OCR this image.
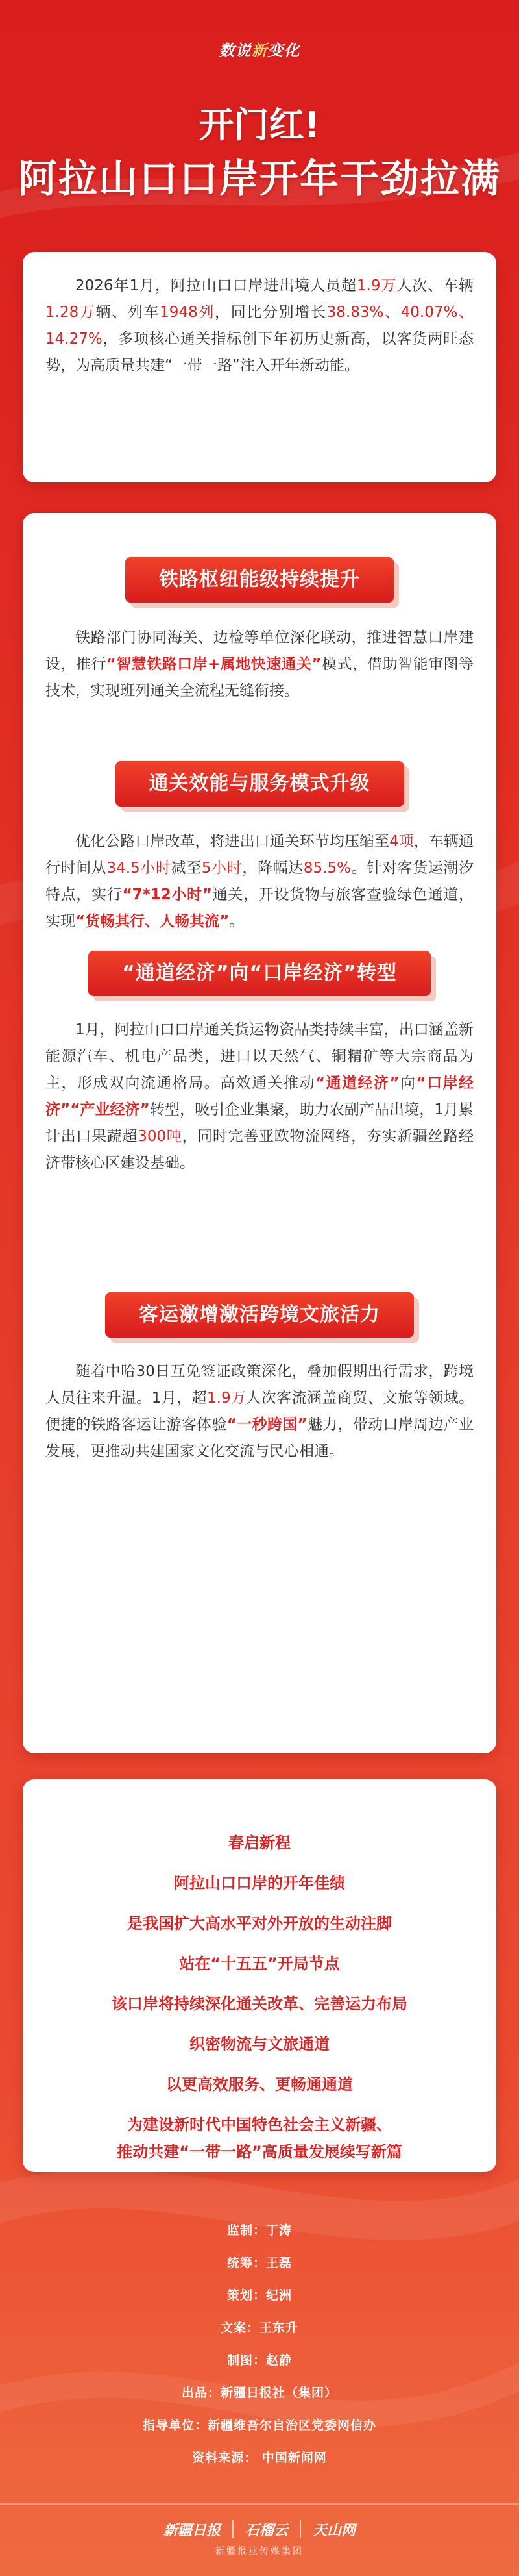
数说新变化
开门红!
阿拉山口口岸开年干劲拉满
2026年1月，阿拉山口口岸进出境人员超1.9万人次、车辆1.28万辆、列车1948列，同比分别增长38.83%、40.07%、14.27%，多项核心通关指标创下年初历史新高，以客货两旺态势，为高质量共建“一带一路”注入开年新动能。
铁路枢纽能级持续提升
铁路部门协同海关、边检等单位深化联动，推进智慧口岸建设，推行“智慧铁路口岸+属地快速通关”模式，借助智能审图等技术，实现班列通关全流程无缝衔接。
通关效能与服务模式升级
优化公路口岸改革，将进出口通关环节均压缩至4项，车辆通行时间从34.5小时减至5小时，降幅达85.5%。针对客货运潮汐特点，实行“7*12小时”通关，开设货物与旅客查验绿色通道，实现“货畅其行、人畅其流”。
“通道经济”向“口岸经济”转型
1月，阿拉山口口岸通关货运物资品类持续丰富，出口涵盖新能源汽车、机电产品类，进口以天然气、铜精矿等大宗商品为主，形成双向流通格局。高效通关推动“通道经济”向“口岸经济”“产业经济”转型，吸引企业集聚，助力农副产品出境，1月累计出口果蔬超300吨，同时完善亚欧物流网络，夯实新疆丝路经济带核心区建设基础。
客运激增激活跨境文旅活力
随着中哈30日互免签证政策深化，叠加假期出行需求，跨境人员往来升温。1月，超1.9万人次客流涵盖商贸、文旅等领域。便捷的铁路客运让游客体验“一秒跨国”魅力，带动口岸周边产业发展，更推动共建国家文化交流与民心相通。
春启新程
阿拉山口口岸的开年佳绩
是我国扩大高水平对外开放的生动注脚
站在“十五五”开局节点
该口岸将持续深化通关改革、完善运力布局
织密物流与文旅通道
以更高效服务、更畅通通道
为建设新时代中国特色社会主义新疆、
推动共建“一带一路”高质量发展续写新篇
监制：丁涛
统筹：王磊
策划：纪洲
文案：王东升
制图：赵静
出品：新疆日报社（集团）
指导单位：新疆维吾尔自治区党委网信办
资料来源： 中国新闻网
新疆日报 石榴云 天山网
新疆报业传媒集团
